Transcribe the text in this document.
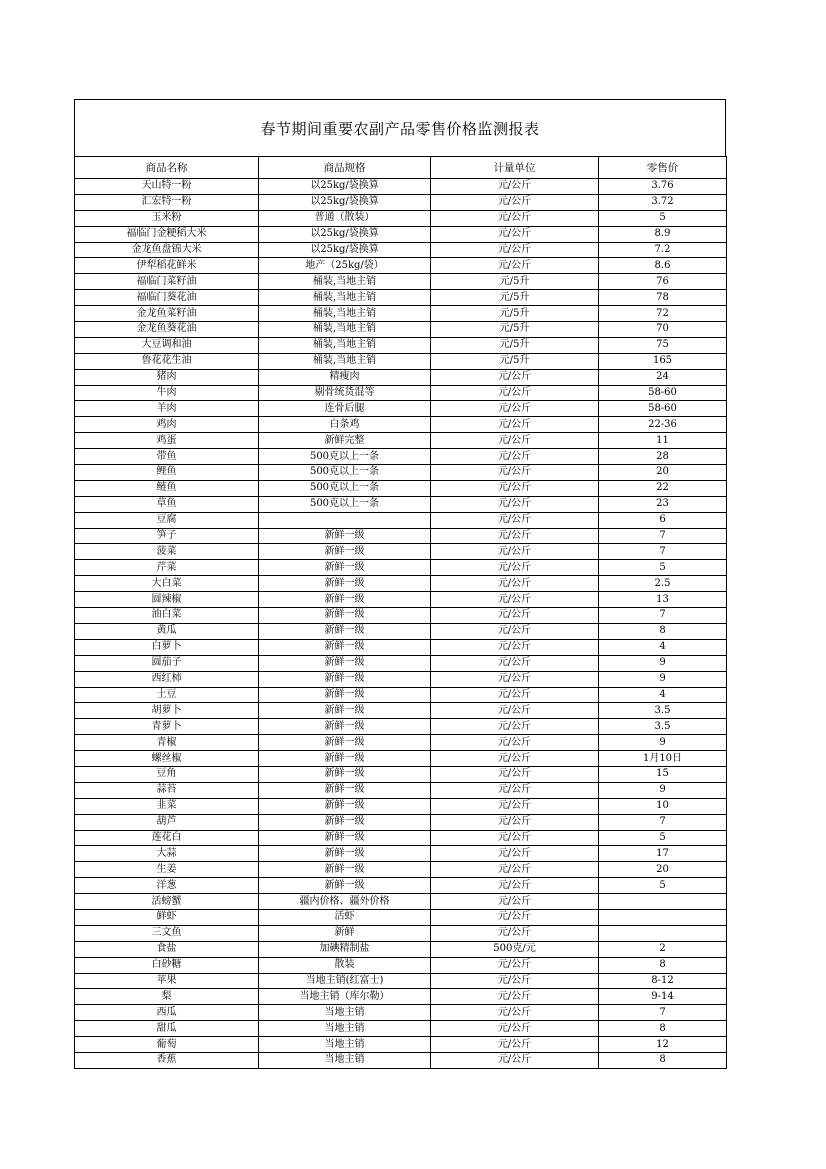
春节期间重要农副产品零售价格监测报表
商品名称	商品规格	计量单位	零售价
天山特一粉	以25kg/袋换算	元/公斤	3.76
汇宏特一粉	以25kg/袋换算	元/公斤	3.72
玉米粉	普通（散装）	元/公斤	5
福临门金粳稻大米	以25kg/袋换算	元/公斤	8.9
金龙鱼盘锦大米	以25kg/袋换算	元/公斤	7.2
伊犁稻花鲜米	地产（25kg/袋）	元/公斤	8.6
福临门菜籽油	桶装,当地主销	元/5升	76
福临门葵花油	桶装,当地主销	元/5升	78
金龙鱼菜籽油	桶装,当地主销	元/5升	72
金龙鱼葵花油	桶装,当地主销	元/5升	70
大豆调和油	桶装,当地主销	元/5升	75
鲁花花生油	桶装,当地主销	元/5升	165
猪肉	精瘦肉	元/公斤	24
牛肉	剔骨统货混等	元/公斤	58-60
羊肉	连骨后腿	元/公斤	58-60
鸡肉	白条鸡	元/公斤	22-36
鸡蛋	新鲜完整	元/公斤	11
带鱼	500克以上一条	元/公斤	28
鲤鱼	500克以上一条	元/公斤	20
鲢鱼	500克以上一条	元/公斤	22
草鱼	500克以上一条	元/公斤	23
豆腐		元/公斤	6
笋子	新鲜一级	元/公斤	7
菠菜	新鲜一级	元/公斤	7
芹菜	新鲜一级	元/公斤	5
大白菜	新鲜一级	元/公斤	2.5
圆辣椒	新鲜一级	元/公斤	13
油白菜	新鲜一级	元/公斤	7
黄瓜	新鲜一级	元/公斤	8
白萝卜	新鲜一级	元/公斤	4
圆茄子	新鲜一级	元/公斤	9
西红柿	新鲜一级	元/公斤	9
土豆	新鲜一级	元/公斤	4
胡萝卜	新鲜一级	元/公斤	3.5
青萝卜	新鲜一级	元/公斤	3.5
青椒	新鲜一级	元/公斤	9
螺丝椒	新鲜一级	元/公斤	1月10日
豆角	新鲜一级	元/公斤	15
蒜苔	新鲜一级	元/公斤	9
韭菜	新鲜一级	元/公斤	10
葫芦	新鲜一级	元/公斤	7
莲花白	新鲜一级	元/公斤	5
大蒜	新鲜一级	元/公斤	17
生姜	新鲜一级	元/公斤	20
洋葱	新鲜一级	元/公斤	5
活螃蟹	疆内价格、疆外价格	元/公斤	
鲜虾	活虾	元/公斤	
三文鱼	新鲜	元/公斤	
食盐	加碘精制盐	500克/元	2
白砂糖	散装	元/公斤	8
苹果	当地主销(红富士)	元/公斤	8-12
梨	当地主销（库尔勒）	元/公斤	9-14
西瓜	当地主销	元/公斤	7
甜瓜	当地主销	元/公斤	8
葡萄	当地主销	元/公斤	12
香蕉	当地主销	元/公斤	8
